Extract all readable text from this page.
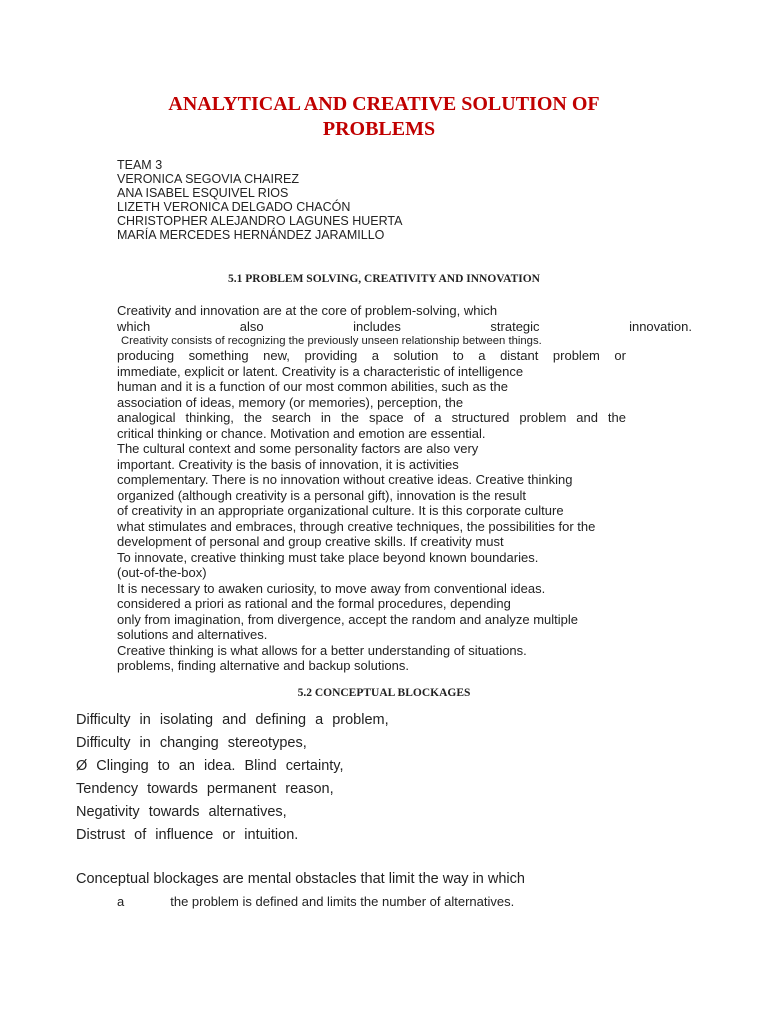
ANALYTICAL AND CREATIVE SOLUTION OF
PROBLEMS
TEAM 3
VERONICA SEGOVIA CHAIREZ
ANA ISABEL ESQUIVEL RIOS
LIZETH VERONICA DELGADO CHACÓN
CHRISTOPHER ALEJANDRO LAGUNES HUERTA
MARÍA MERCEDES HERNÁNDEZ JARAMILLO
5.1 PROBLEM SOLVING, CREATIVITY AND INNOVATION
Creativity and innovation are at the core of problem-solving, which
which	also	includes	strategic	innovation.
Creativity consists of recognizing the previously unseen relationship between things.
producing something new, providing a solution to a distant problem or
immediate, explicit or latent. Creativity is a characteristic of intelligence
human and it is a function of our most common abilities, such as the
association of ideas, memory (or memories), perception, the
analogical thinking, the search in the space of a structured problem and the
critical thinking or chance. Motivation and emotion are essential.
The cultural context and some personality factors are also very
important. Creativity is the basis of innovation, it is activities
complementary. There is no innovation without creative ideas. Creative thinking
organized (although creativity is a personal gift), innovation is the result
of creativity in an appropriate organizational culture. It is this corporate culture
what stimulates and embraces, through creative techniques, the possibilities for the
development of personal and group creative skills. If creativity must
To innovate, creative thinking must take place beyond known boundaries.
(out-of-the-box)
It is necessary to awaken curiosity, to move away from conventional ideas.
considered a priori as rational and the formal procedures, depending
only from imagination, from divergence, accept the random and analyze multiple
solutions and alternatives.
Creative thinking is what allows for a better understanding of situations.
problems, finding alternative and backup solutions.
5.2 CONCEPTUAL BLOCKAGES
Difficulty in isolating and defining a problem,
Difficulty in changing stereotypes,
Ø Clinging to an idea. Blind certainty,
Tendency towards permanent reason,
Negativity towards alternatives,
Distrust of influence or intuition.
Conceptual blockages are mental obstacles that limit the way in which
a	the problem is defined and limits the number of alternatives.
